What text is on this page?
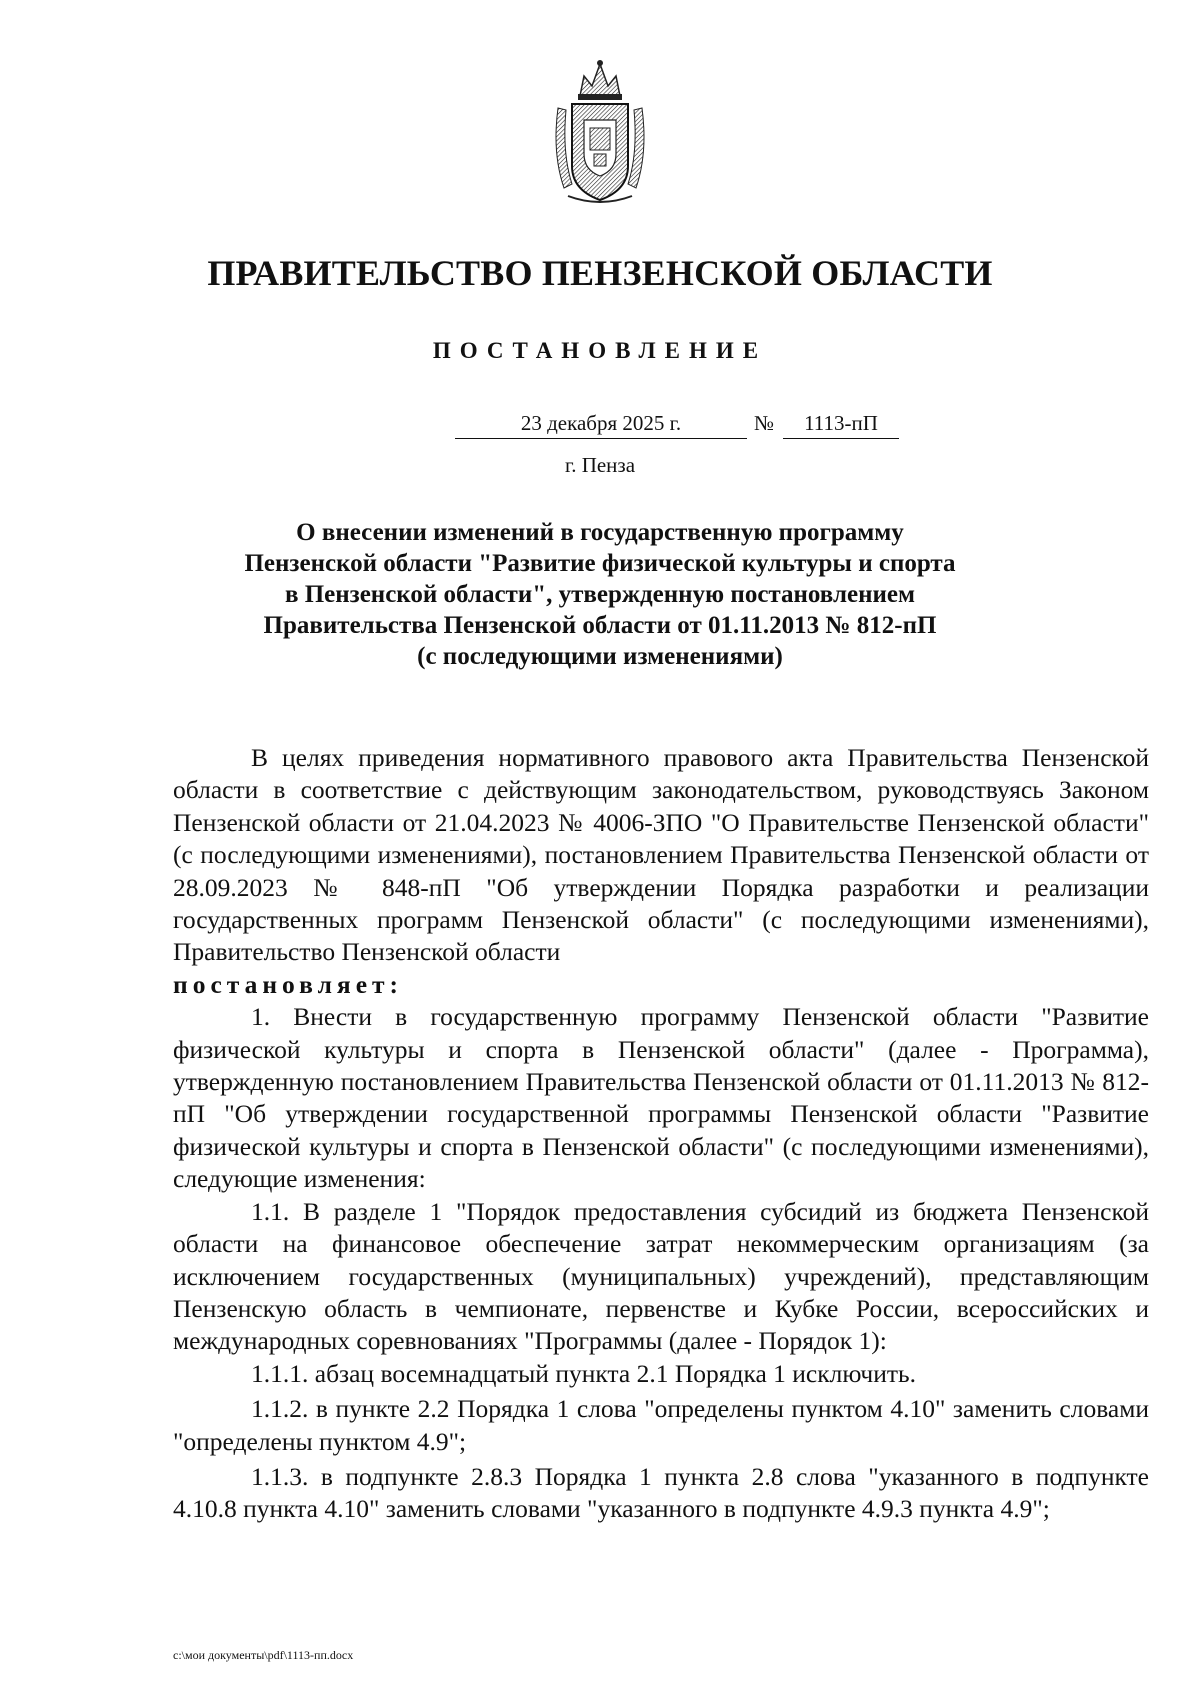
ПРАВИТЕЛЬСТВО ПЕНЗЕНСКОЙ ОБЛАСТИ
ПОСТАНОВЛЕНИЕ
23 декабря 2025 г.	№	1113-пП
г. Пенза
О внесении изменений в государственную программу
Пензенской области "Развитие физической культуры и спорта
в Пензенской области", утвержденную постановлением
Правительства Пензенской области от 01.11.2013 № 812-пП
(с последующими изменениями)

В целях приведения нормативного правового акта Правительства Пензенской области в соответствие с действующим законодательством, руководствуясь Законом Пензенской области от 21.04.2023 № 4006-ЗПО "О Правительстве Пензенской области" (с последующими изменениями), постановлением Правительства Пензенской области от 28.09.2023 № 848-пП "Об утверждении Порядка разработки и реализации государственных программ Пензенской области" (с последующими изменениями), Правительство Пензенской области

постановляет:

1. Внести в государственную программу Пензенской области "Развитие физической культуры и спорта в Пензенской области" (далее - Программа), утвержденную постановлением Правительства Пензенской области от 01.11.2013 № 812-пП "Об утверждении государственной программы Пензенской области "Развитие физической культуры и спорта в Пензенской области" (с последующими изменениями), следующие изменения:

1.1. В разделе 1 "Порядок предоставления субсидий из бюджета Пензенской области на финансовое обеспечение затрат некоммерческим организациям (за исключением государственных (муниципальных) учреждений), представляющим Пензенскую область в чемпионате, первенстве и Кубке России, всероссийских и международных соревнованиях "Программы (далее - Порядок 1):

1.1.1. абзац восемнадцатый пункта 2.1 Порядка 1 исключить.

1.1.2. в пункте 2.2 Порядка 1 слова "определены пунктом 4.10" заменить словами "определены пунктом 4.9";

1.1.3. в подпункте 2.8.3 Порядка 1 пункта 2.8 слова "указанного в подпункте 4.10.8 пункта 4.10" заменить словами "указанного в подпункте 4.9.3 пункта 4.9";

c:\мои документы\pdf\1113-пп.docx
